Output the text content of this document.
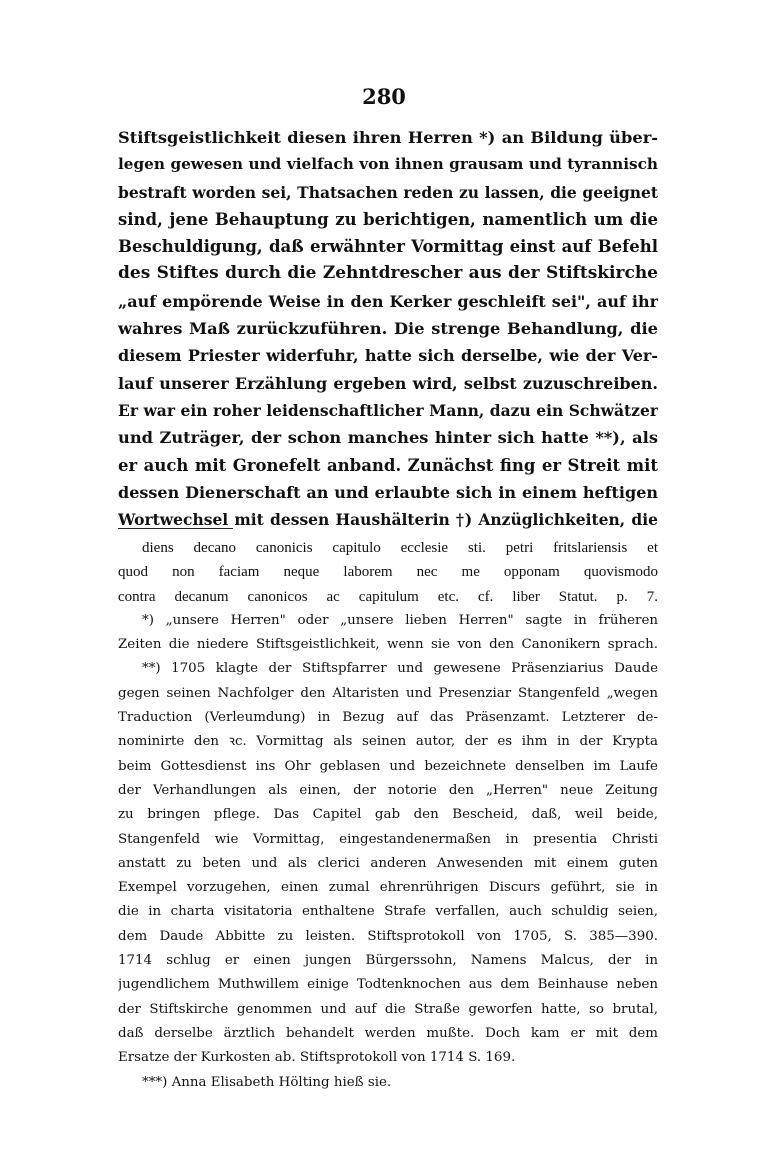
280
Stiftsgeistlichkeit diesen ihren Herren *) an Bildung über-
legen gewesen und vielfach von ihnen grausam und tyrannisch
bestraft worden sei, Thatsachen reden zu lassen, die geeignet
sind, jene Behauptung zu berichtigen, namentlich um die
Beschuldigung, daß erwähnter Vormittag einst auf Befehl
des Stiftes durch die Zehntdrescher aus der Stiftskirche
„auf empörende Weise in den Kerker geschleift sei", auf ihr
wahres Maß zurückzuführen. Die strenge Behandlung, die
diesem Priester widerfuhr, hatte sich derselbe, wie der Ver-
lauf unserer Erzählung ergeben wird, selbst zuzuschreiben.
Er war ein roher leidenschaftlicher Mann, dazu ein Schwätzer
und Zuträger, der schon manches hinter sich hatte **), als
er auch mit Gronefelt anband. Zunächst fing er Streit mit
dessen Dienerschaft an und erlaubte sich in einem heftigen
Wortwechsel mit dessen Haushälterin †) Anzüglichkeiten, die
diens decano canonicis capitulo ecclesie sti. petri fritslariensis et
quod non faciam neque laborem nec me opponam quovismodo
contra decanum canonicos ac capitulum etc. cf. liber Statut. p. 7.
*) „unsere Herren" oder „unsere lieben Herren" sagte in früheren
Zeiten die niedere Stiftsgeistlichkeit, wenn sie von den Canonikern sprach.
**) 1705 klagte der Stiftspfarrer und gewesene Präsenziarius Daude
gegen seinen Nachfolger den Altaristen und Presenziar Stangenfeld „wegen
Traduction (Verleumdung) in Bezug auf das Präsenzamt. Letzterer de-
nominirte den ꝛc. Vormittag als seinen autor, der es ihm in der Krypta
beim Gottesdienst ins Ohr geblasen und bezeichnete denselben im Laufe
der Verhandlungen als einen, der notorie den „Herren" neue Zeitung
zu bringen pflege. Das Capitel gab den Bescheid, daß, weil beide,
Stangenfeld wie Vormittag, eingestandenermaßen in presentia Christi
anstatt zu beten und als clerici anderen Anwesenden mit einem guten
Exempel vorzugehen, einen zumal ehrenrührigen Discurs geführt, sie in
die in charta visitatoria enthaltene Strafe verfallen, auch schuldig seien,
dem Daude Abbitte zu leisten. Stiftsprotokoll von 1705, S. 385—390.
1714 schlug er einen jungen Bürgerssohn, Namens Malcus, der in
jugendlichem Muthwillem einige Todtenknochen aus dem Beinhause neben
der Stiftskirche genommen und auf die Straße geworfen hatte, so brutal,
daß derselbe ärztlich behandelt werden mußte. Doch kam er mit dem
Ersatze der Kurkosten ab. Stiftsprotokoll von 1714 S. 169.
***) Anna Elisabeth Hölting hieß sie.
